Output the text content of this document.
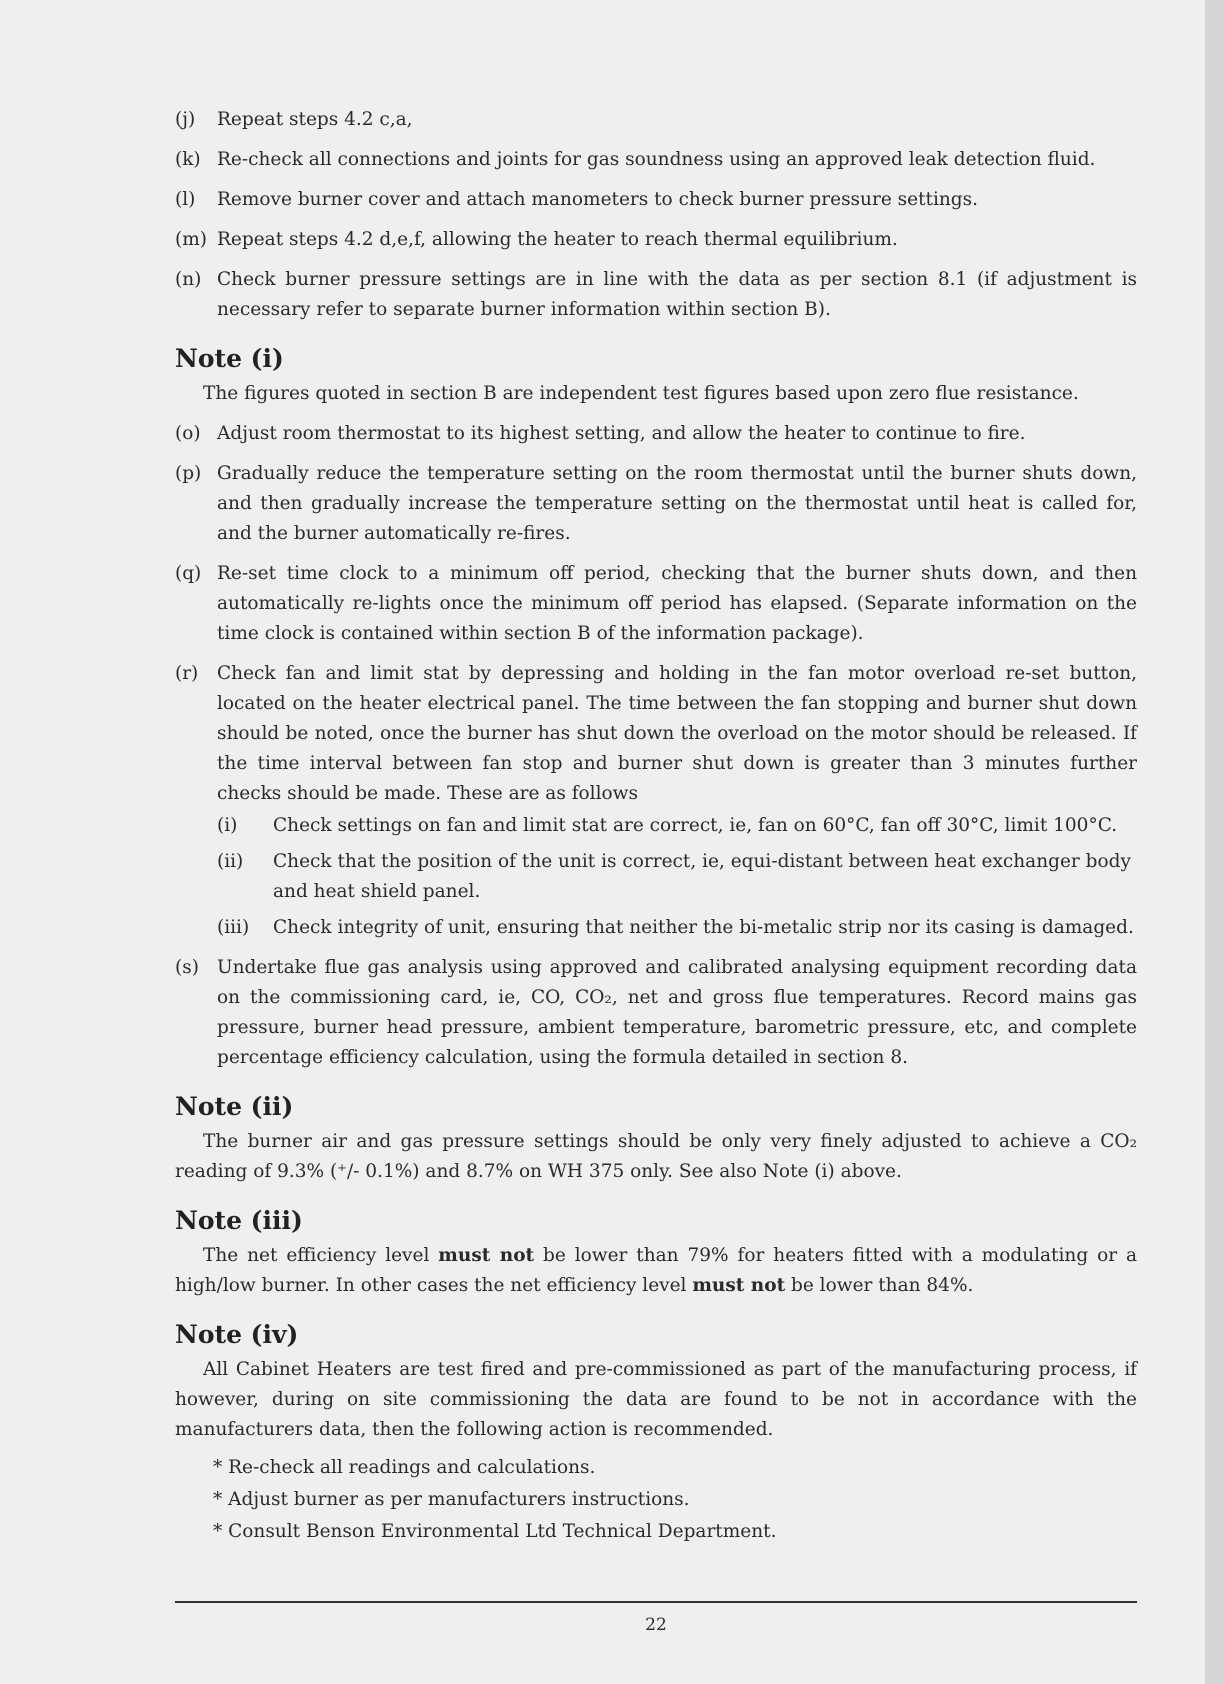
(j) Repeat steps 4.2 c,a,
(k) Re-check all connections and joints for gas soundness using an approved leak detection fluid.
(l) Remove burner cover and attach manometers to check burner pressure settings.
(m) Repeat steps 4.2 d,e,f, allowing the heater to reach thermal equilibrium.
(n) Check burner pressure settings are in line with the data as per section 8.1 (if adjustment is necessary refer to separate burner information within section B).
Note (i)

The figures quoted in section B are independent test figures based upon zero flue resistance.

(o) Adjust room thermostat to its highest setting, and allow the heater to continue to fire.
(p) Gradually reduce the temperature setting on the room thermostat until the burner shuts down, and then gradually increase the temperature setting on the thermostat until heat is called for, and the burner automatically re-fires.
(q) Re-set time clock to a minimum off period, checking that the burner shuts down, and then automatically re-lights once the minimum off period has elapsed. (Separate information on the time clock is contained within section B of the information package).
(r) Check fan and limit stat by depressing and holding in the fan motor overload re-set button, located on the heater electrical panel. The time between the fan stopping and burner shut down should be noted, once the burner has shut down the overload on the motor should be released. If the time interval between fan stop and burner shut down is greater than 3 minutes further checks should be made. These are as follows
(i) Check settings on fan and limit stat are correct, ie, fan on 60°C, fan off 30°C, limit 100°C.
(ii) Check that the position of the unit is correct, ie, equi-distant between heat exchanger body and heat shield panel.
(iii) Check integrity of unit, ensuring that neither the bi-metalic strip nor its casing is damaged.
(s) Undertake flue gas analysis using approved and calibrated analysing equipment recording data on the commissioning card, ie, CO, CO₂, net and gross flue temperatures. Record mains gas pressure, burner head pressure, ambient temperature, barometric pressure, etc, and complete percentage efficiency calculation, using the formula detailed in section 8.
Note (ii)

The burner air and gas pressure settings should be only very finely adjusted to achieve a CO₂ reading of 9.3% (⁺/- 0.1%) and 8.7% on WH 375 only. See also Note (i) above.

Note (iii)

The net efficiency level must not be lower than 79% for heaters fitted with a modulating or a high/low burner. In other cases the net efficiency level must not be lower than 84%.

Note (iv)

All Cabinet Heaters are test fired and pre-commissioned as part of the manufacturing process, if however, during on site commissioning the data are found to be not in accordance with the manufacturers data, then the following action is recommended.

* Re-check all readings and calculations.
* Adjust burner as per manufacturers instructions.
* Consult Benson Environmental Ltd Technical Department.
22
